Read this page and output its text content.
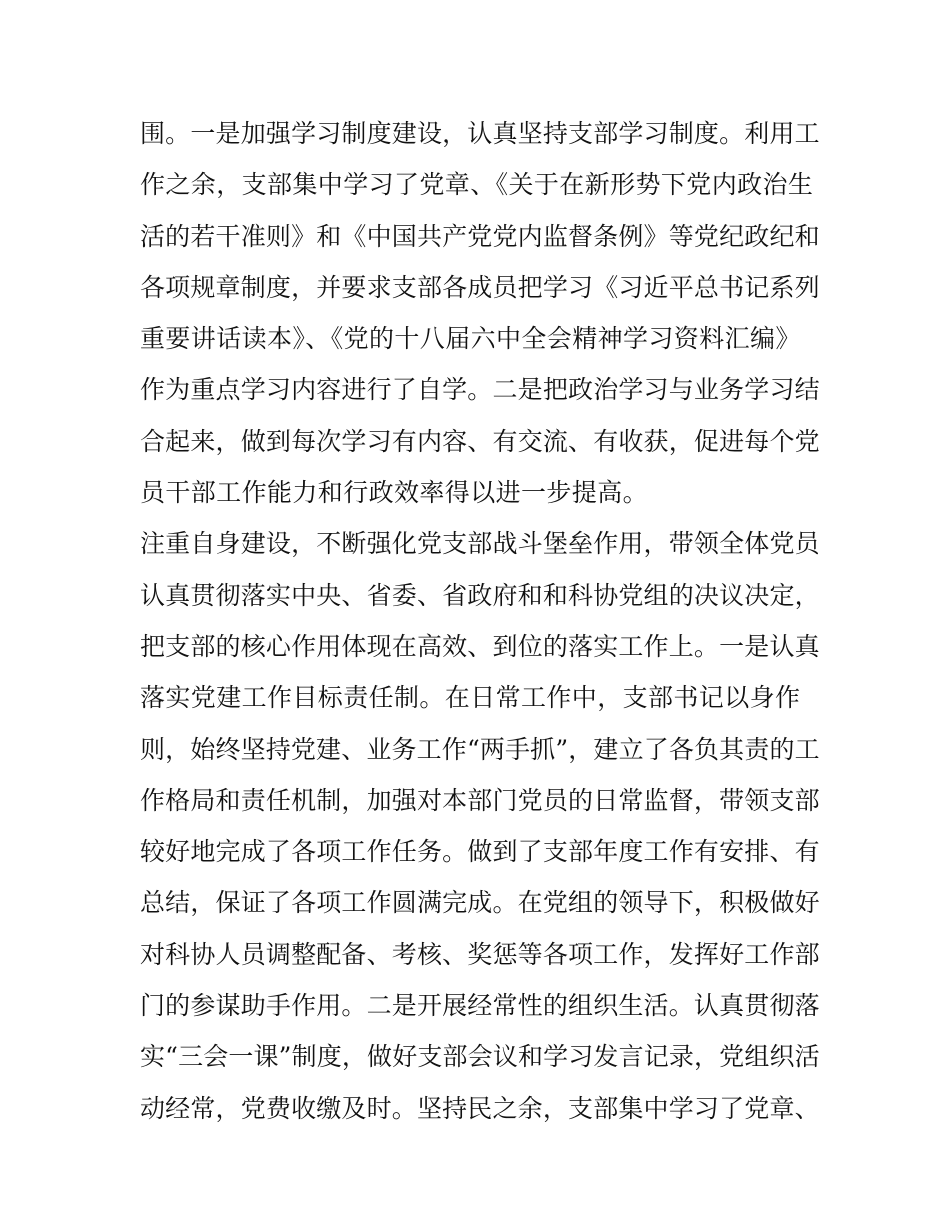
围。一是加强学习制度建设，认真坚持支部学习制度。利用工
作之余，支部集中学习了党章、《关于在新形势下党内政治生
活的若干准则》和《中国共产党党内监督条例》等党纪政纪和
各项规章制度，并要求支部各成员把学习《习近平总书记系列
重要讲话读本》、《党的十八届六中全会精神学习资料汇编》
作为重点学习内容进行了自学。二是把政治学习与业务学习结
合起来，做到每次学习有内容、有交流、有收获，促进每个党
员干部工作能力和行政效率得以进一步提高。
注重自身建设，不断强化党支部战斗堡垒作用，带领全体党员
认真贯彻落实中央、省委、省政府和和科协党组的决议决定，
把支部的核心作用体现在高效、到位的落实工作上。一是认真
落实党建工作目标责任制。在日常工作中，支部书记以身作
则，始终坚持党建、业务工作“两手抓”，建立了各负其责的工
作格局和责任机制，加强对本部门党员的日常监督，带领支部
较好地完成了各项工作任务。做到了支部年度工作有安排、有
总结，保证了各项工作圆满完成。在党组的领导下，积极做好
对科协人员调整配备、考核、奖惩等各项工作，发挥好工作部
门的参谋助手作用。二是开展经常性的组织生活。认真贯彻落
实“三会一课”制度，做好支部会议和学习发言记录，党组织活
动经常，党费收缴及时。坚持民之余，支部集中学习了党章、
